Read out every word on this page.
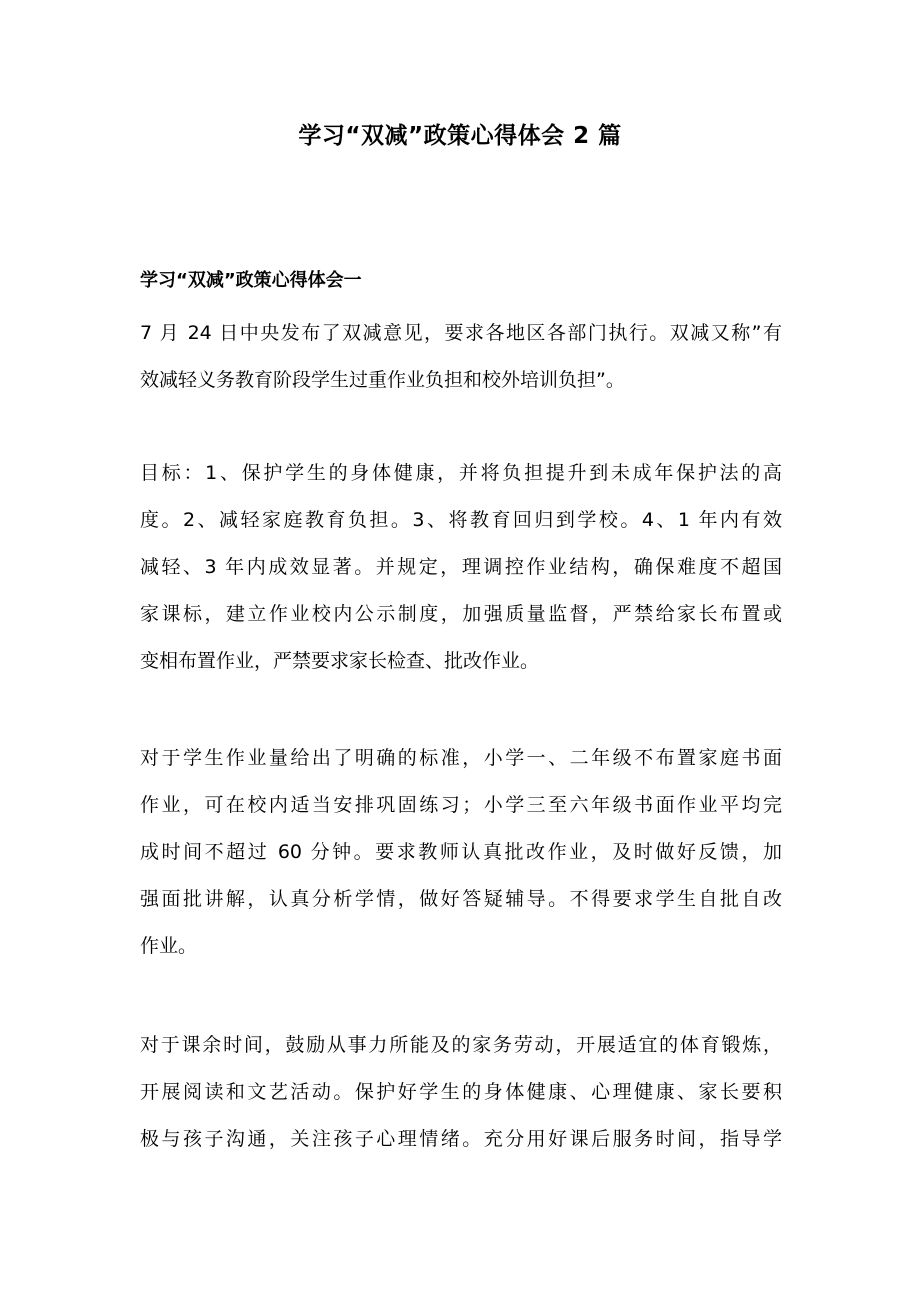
学习“双减”政策心得体会 2 篇
学习“双减”政策心得体会一
7 月 24 日中央发布了双减意见，要求各地区各部门执行。双减又称”有
效减轻义务教育阶段学生过重作业负担和校外培训负担”。
目标：1、保护学生的身体健康，并将负担提升到未成年保护法的高
度。2、减轻家庭教育负担。3、将教育回归到学校。4、1 年内有效
减轻、3 年内成效显著。并规定，理调控作业结构，确保难度不超国
家课标，建立作业校内公示制度，加强质量监督，严禁给家长布置或
变相布置作业，严禁要求家长检查、批改作业。
对于学生作业量给出了明确的标准，小学一、二年级不布置家庭书面
作业，可在校内适当安排巩固练习；小学三至六年级书面作业平均完
成时间不超过 60 分钟。要求教师认真批改作业，及时做好反馈，加
强面批讲解，认真分析学情，做好答疑辅导。不得要求学生自批自改
作业。
对于课余时间，鼓励从事力所能及的家务劳动，开展适宜的体育锻炼，
开展阅读和文艺活动。保护好学生的身体健康、心理健康、家长要积
极与孩子沟通，关注孩子心理情绪。充分用好课后服务时间，指导学
